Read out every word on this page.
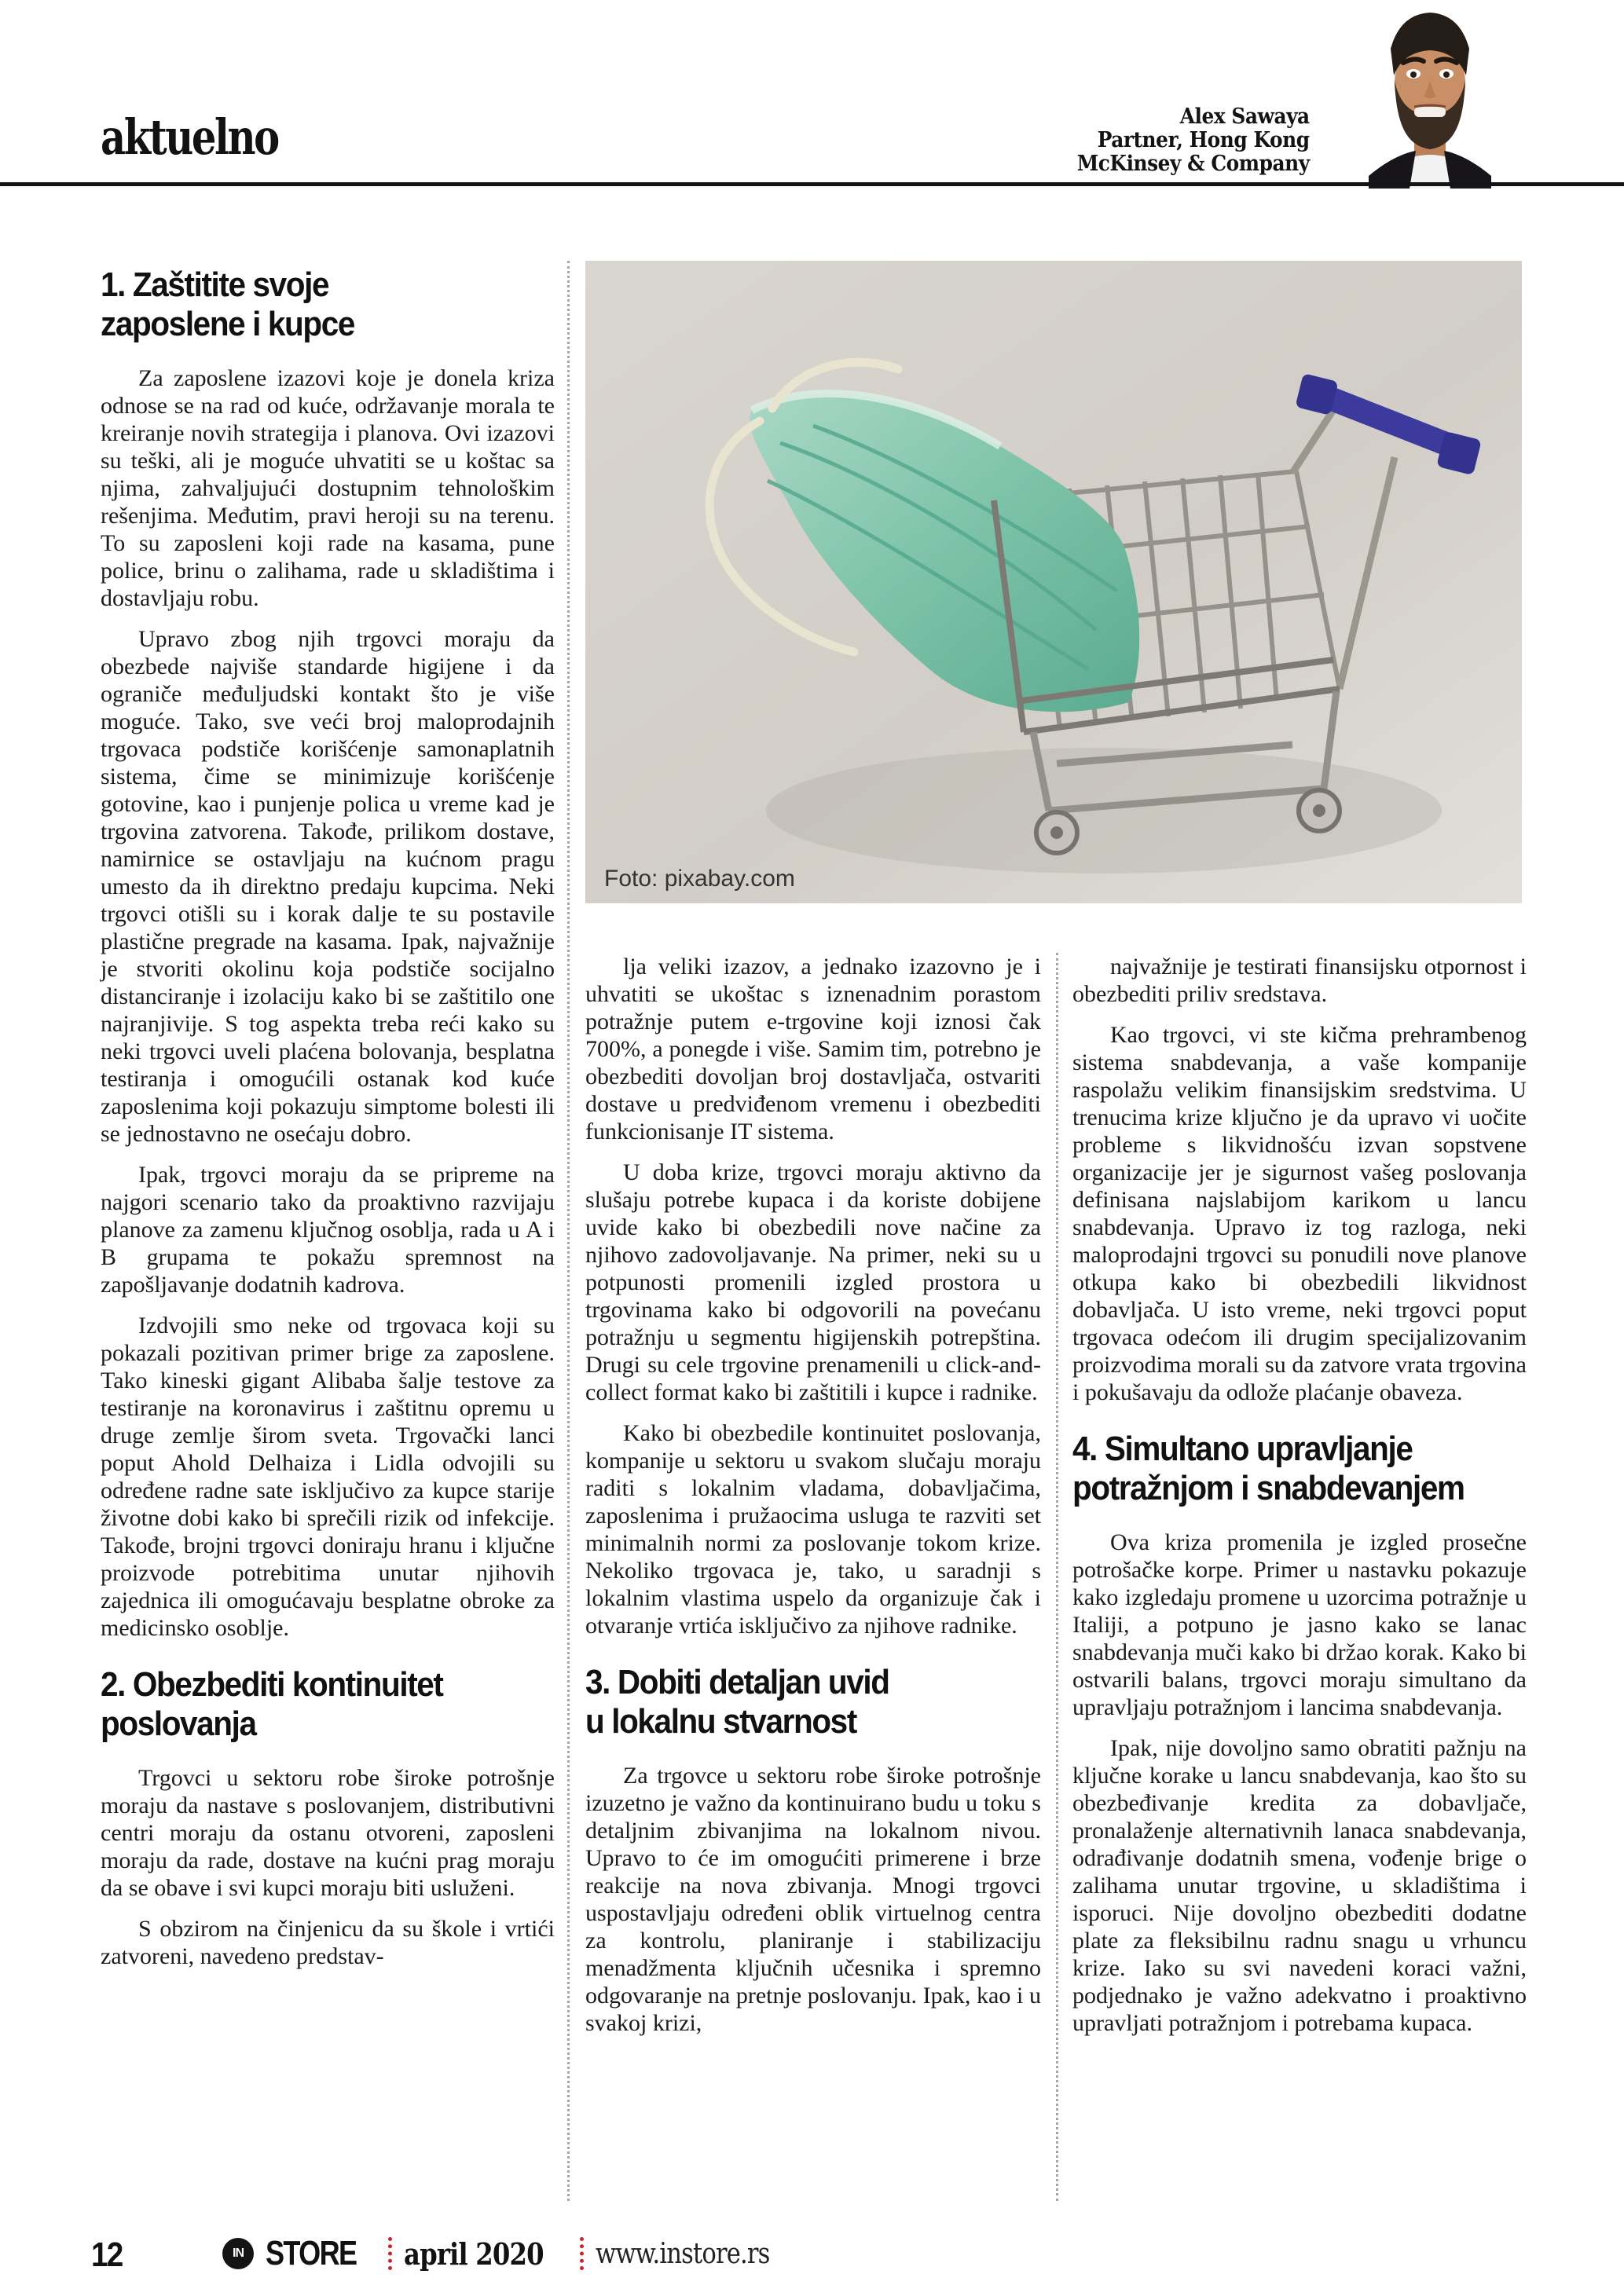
aktuelno	Alex Sawaya
Partner, Hong Kong
McKinsey & Company
Foto: pixabay.com
1. Zaštitite svoje
zaposlene i kupce

Za zaposlene izazovi koje je donela kriza odnose se na rad od kuće, održavanje morala te kreiranje novih strategija i planova. Ovi izazovi su teški, ali je moguće uhvatiti se u koštac sa njima, zahvaljujući dostupnim tehnološkim rešenjima. Međutim, pravi heroji su na terenu. To su zaposleni koji rade na kasama, pune police, brinu o zalihama, rade u skladištima i dostavljaju robu.

Upravo zbog njih trgovci moraju da obezbede najviše standarde higijene i da ograniče međuljudski kontakt što je više moguće. Tako, sve veći broj maloprodajnih trgovaca podstiče korišćenje samonaplatnih sistema, čime se minimizuje korišćenje gotovine, kao i punjenje polica u vreme kad je trgovina zatvorena. Takođe, prilikom dostave, namirnice se ostavljaju na kućnom pragu umesto da ih direktno predaju kupcima. Neki trgovci otišli su i korak dalje te su postavile plastične pregrade na kasama. Ipak, najvažnije je stvoriti okolinu koja podstiče socijalno distanciranje i izolaciju kako bi se zaštitilo one najranjivije. S tog aspekta treba reći kako su neki trgovci uveli plaćena bolovanja, besplatna testiranja i omogućili ostanak kod kuće zaposlenima koji pokazuju simptome bolesti ili se jednostavno ne osećaju dobro.

Ipak, trgovci moraju da se pripreme na najgori scenario tako da proaktivno razvijaju planove za zamenu ključnog osoblja, rada u A i B grupama te pokažu spremnost na zapošljavanje dodatnih kadrova.

Izdvojili smo neke od trgovaca koji su pokazali pozitivan primer brige za zaposlene. Tako kineski gigant Alibaba šalje testove za testiranje na koronavirus i zaštitnu opremu u druge zemlje širom sveta. Trgovački lanci poput Ahold Delhaiza i Lidla odvojili su određene radne sate isključivo za kupce starije životne dobi kako bi sprečili rizik od infekcije. Takođe, brojni trgovci doniraju hranu i ključne proizvode potrebitima unutar njihovih zajednica ili omogućavaju besplatne obroke za medicinsko osoblje.

2. Obezbediti kontinuitet
poslovanja

Trgovci u sektoru robe široke potrošnje moraju da nastave s poslovanjem, distributivni centri moraju da ostanu otvoreni, zaposleni moraju da rade, dostave na kućni prag moraju da se obave i svi kupci moraju biti usluženi.

S obzirom na činjenicu da su škole i vrtići zatvoreni, navedeno predstav-

lja veliki izazov, a jednako izazovno je i uhvatiti se ukoštac s iznenadnim porastom potražnje putem e-trgovine koji iznosi čak 700%, a ponegde i više. Samim tim, potrebno je obezbediti dovoljan broj dostavljača, ostvariti dostave u predviđenom vremenu i obezbediti funkcionisanje IT sistema.

U doba krize, trgovci moraju aktivno da slušaju potrebe kupaca i da koriste dobijene uvide kako bi obezbedili nove načine za njihovo zadovoljavanje. Na primer, neki su u potpunosti promenili izgled prostora u trgovinama kako bi odgovorili na povećanu potražnju u segmentu higijenskih potrepština. Drugi su cele trgovine prenamenili u click-and-collect format kako bi zaštitili i kupce i radnike.

Kako bi obezbedile kontinuitet poslovanja, kompanije u sektoru u svakom slučaju moraju raditi s lokalnim vladama, dobavljačima, zaposlenima i pružaocima usluga te razviti set minimalnih normi za poslovanje tokom krize. Nekoliko trgovaca je, tako, u saradnji s lokalnim vlastima uspelo da organizuje čak i otvaranje vrtića isključivo za njihove radnike.

3. Dobiti detaljan uvid
u lokalnu stvarnost

Za trgovce u sektoru robe široke potrošnje izuzetno je važno da kontinuirano budu u toku s detaljnim zbivanjima na lokalnom nivou. Upravo to će im omogućiti primerene i brze reakcije na nova zbivanja. Mnogi trgovci uspostavljaju određeni oblik virtuelnog centra za kontrolu, planiranje i stabilizaciju menadžmenta ključnih učesnika i spremno odgovaranje na pretnje poslovanju. Ipak, kao i u svakoj krizi,

najvažnije je testirati finansijsku otpornost i obezbediti priliv sredstava.

Kao trgovci, vi ste kičma prehrambenog sistema snabdevanja, a vaše kompanije raspolažu velikim finansijskim sredstvima. U trenucima krize ključno je da upravo vi uočite probleme s likvidnošću izvan sopstvene organizacije jer je sigurnost vašeg poslovanja definisana najslabijom karikom u lancu snabdevanja. Upravo iz tog razloga, neki maloprodajni trgovci su ponudili nove planove otkupa kako bi obezbedili likvidnost dobavljača. U isto vreme, neki trgovci poput trgovaca odećom ili drugim specijalizovanim proizvodima morali su da zatvore vrata trgovina i pokušavaju da odlože plaćanje obaveza.

4. Simultano upravljanje
potražnjom i snabdevanjem

Ova kriza promenila je izgled prosečne potrošačke korpe. Primer u nastavku pokazuje kako izgledaju promene u uzorcima potražnje u Italiji, a potpuno je jasno kako se lanac snabdevanja muči kako bi držao korak. Kako bi ostvarili balans, trgovci moraju simultano da upravljaju potražnjom i lancima snabdevanja.

Ipak, nije dovoljno samo obratiti pažnju na ključne korake u lancu snabdevanja, kao što su obezbeđivanje kredita za dobavljače, pronalaženje alternativnih lanaca snabdevanja, odrađivanje dodatnih smena, vođenje brige o zalihama unutar trgovine, u skladištima i isporuci. Nije dovoljno obezbediti dodatne plate za fleksibilnu radnu snagu u vrhuncu krize. Iako su svi navedeni koraci važni, podjednako je važno adekvatno i proaktivno upravljati potražnjom i potrebama kupaca.

12	IN STORE april 2020 www.instore.rs
